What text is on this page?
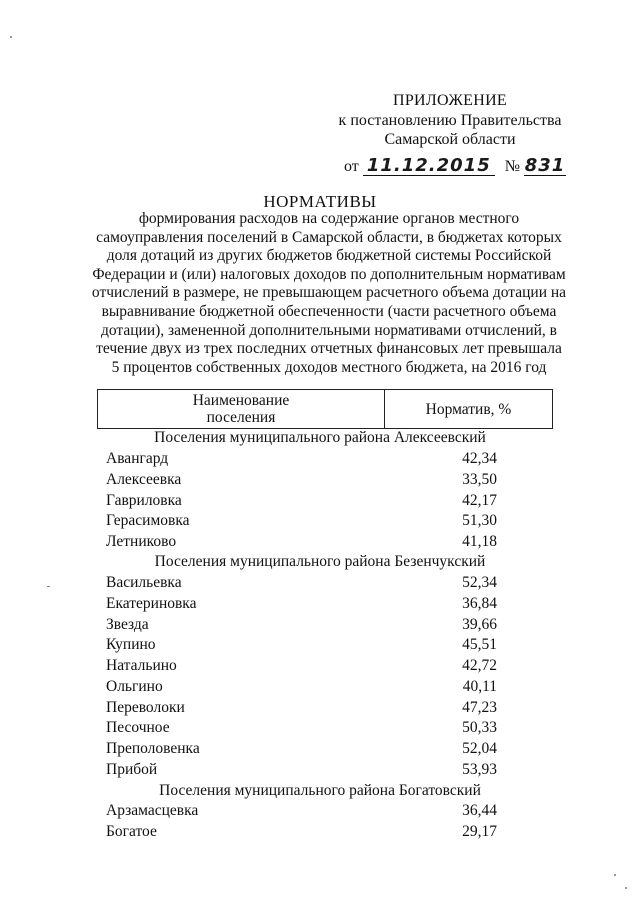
ПРИЛОЖЕНИЕ
к постановлению Правительства
Самарской области
от 11.12.2015 № 831
НОРМАТИВЫ
формирования расходов на содержание органов местного
самоуправления поселений в Самарской области, в бюджетах которых
доля дотаций из других бюджетов бюджетной системы Российской
Федерации и (или) налоговых доходов по дополнительным нормативам
отчислений в размере, не превышающем расчетного объема дотации на
выравнивание бюджетной обеспеченности (части расчетного объема
дотации), замененной дополнительными нормативами отчислений, в
течение двух из трех последних отчетных финансовых лет превышала
5 процентов собственных доходов местного бюджета, на 2016 год
Наименование
поселения	Норматив, %
Поселения муниципального района Алексеевский
Авангард	42,34
Алексеевка	33,50
Гавриловка	42,17
Герасимовка	51,30
Летниково	41,18
Поселения муниципального района Безенчукский
Васильевка	52,34
Екатериновка	36,84
Звезда	39,66
Купино	45,51
Натальино	42,72
Ольгино	40,11
Переволоки	47,23
Песочное	50,33
Преполовенка	52,04
Прибой	53,93
Поселения муниципального района Богатовский
Арзамасцевка	36,44
Богатое	29,17
